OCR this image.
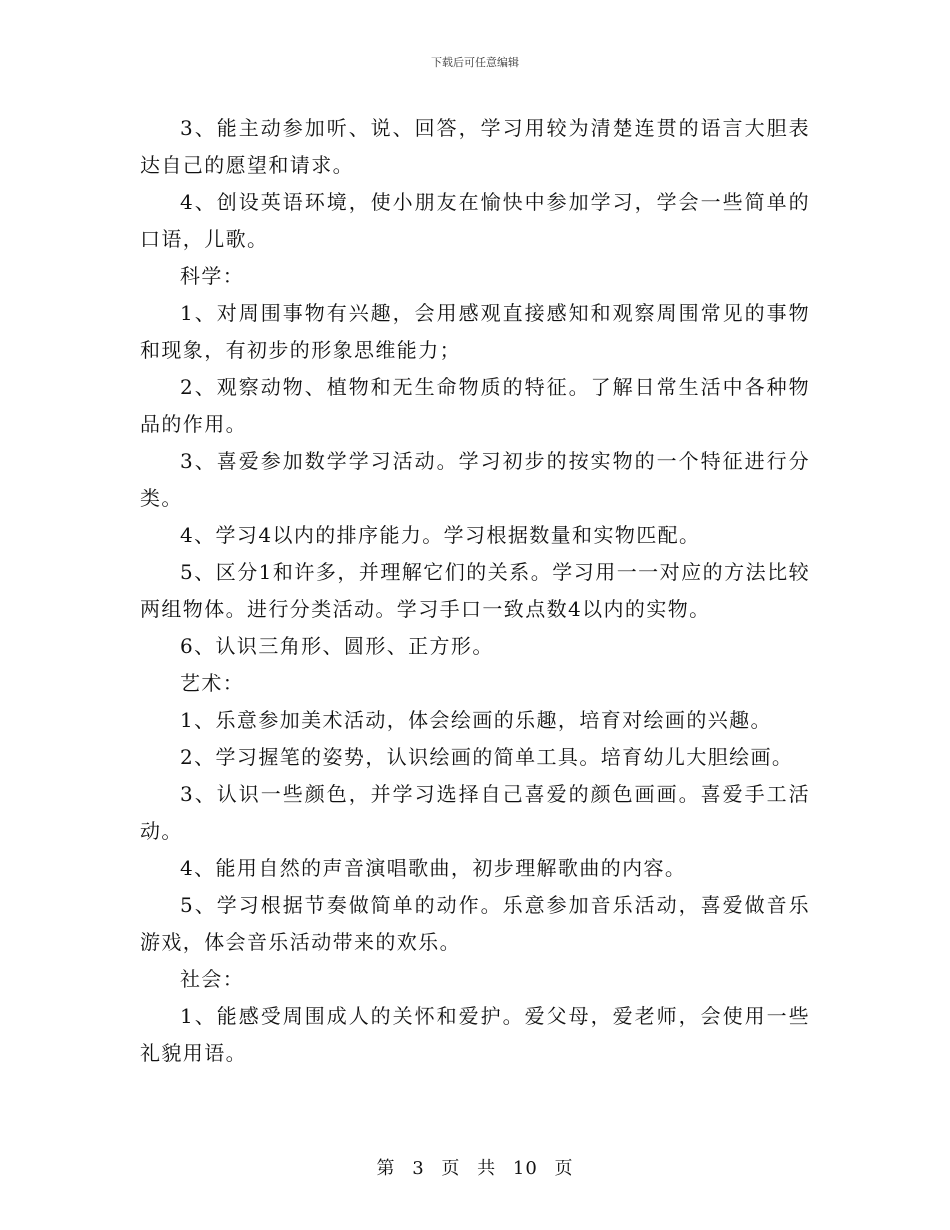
下载后可任意编辑

3、能主动参加听、说、回答，学习用较为清楚连贯的语言大胆表达自己的愿望和请求。

4、创设英语环境，使小朋友在愉快中参加学习，学会一些简单的口语，儿歌。

科学：

1、对周围事物有兴趣，会用感观直接感知和观察周围常见的事物和现象，有初步的形象思维能力；

2、观察动物、植物和无生命物质的特征。了解日常生活中各种物品的作用。

3、喜爱参加数学学习活动。学习初步的按实物的一个特征进行分类。

4、学习4以内的排序能力。学习根据数量和实物匹配。

5、区分1和许多，并理解它们的关系。学习用一一对应的方法比较两组物体。进行分类活动。学习手口一致点数4以内的实物。

6、认识三角形、圆形、正方形。

艺术：

1、乐意参加美术活动，体会绘画的乐趣，培育对绘画的兴趣。

2、学习握笔的姿势，认识绘画的简单工具。培育幼儿大胆绘画。

3、认识一些颜色，并学习选择自己喜爱的颜色画画。喜爱手工活动。

4、能用自然的声音演唱歌曲，初步理解歌曲的内容。

5、学习根据节奏做简单的动作。乐意参加音乐活动，喜爱做音乐游戏，体会音乐活动带来的欢乐。

社会：

1、能感受周围成人的关怀和爱护。爱父母，爱老师，会使用一些礼貌用语。

第 3 页 共 10 页
